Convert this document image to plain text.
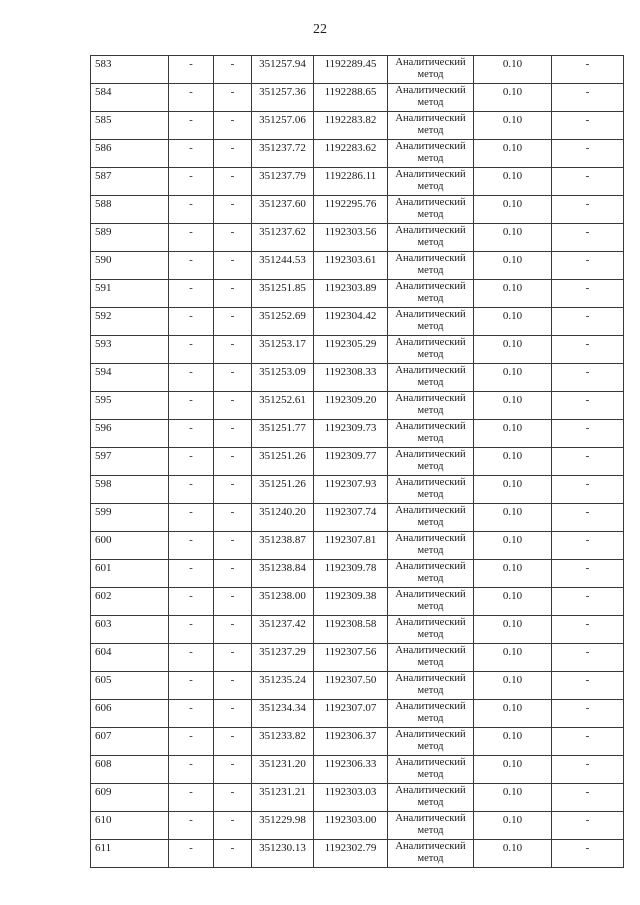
22
583	-	-	351257.94	1192289.45	Аналитический метод	0.10	-

584	-	-	351257.36	1192288.65	Аналитический метод	0.10	-

585	-	-	351257.06	1192283.82	Аналитический метод	0.10	-

586	-	-	351237.72	1192283.62	Аналитический метод	0.10	-

587	-	-	351237.79	1192286.11	Аналитический метод	0.10	-

588	-	-	351237.60	1192295.76	Аналитический метод	0.10	-

589	-	-	351237.62	1192303.56	Аналитический метод	0.10	-

590	-	-	351244.53	1192303.61	Аналитический метод	0.10	-

591	-	-	351251.85	1192303.89	Аналитический метод	0.10	-

592	-	-	351252.69	1192304.42	Аналитический метод	0.10	-

593	-	-	351253.17	1192305.29	Аналитический метод	0.10	-

594	-	-	351253.09	1192308.33	Аналитический метод	0.10	-

595	-	-	351252.61	1192309.20	Аналитический метод	0.10	-

596	-	-	351251.77	1192309.73	Аналитический метод	0.10	-

597	-	-	351251.26	1192309.77	Аналитический метод	0.10	-

598	-	-	351251.26	1192307.93	Аналитический метод	0.10	-

599	-	-	351240.20	1192307.74	Аналитический метод	0.10	-

600	-	-	351238.87	1192307.81	Аналитический метод	0.10	-

601	-	-	351238.84	1192309.78	Аналитический метод	0.10	-

602	-	-	351238.00	1192309.38	Аналитический метод	0.10	-

603	-	-	351237.42	1192308.58	Аналитический метод	0.10	-

604	-	-	351237.29	1192307.56	Аналитический метод	0.10	-

605	-	-	351235.24	1192307.50	Аналитический метод	0.10	-

606	-	-	351234.34	1192307.07	Аналитический метод	0.10	-

607	-	-	351233.82	1192306.37	Аналитический метод	0.10	-

608	-	-	351231.20	1192306.33	Аналитический метод	0.10	-

609	-	-	351231.21	1192303.03	Аналитический метод	0.10	-

610	-	-	351229.98	1192303.00	Аналитический метод	0.10	-

611	-	-	351230.13	1192302.79	Аналитический метод	0.10	-
